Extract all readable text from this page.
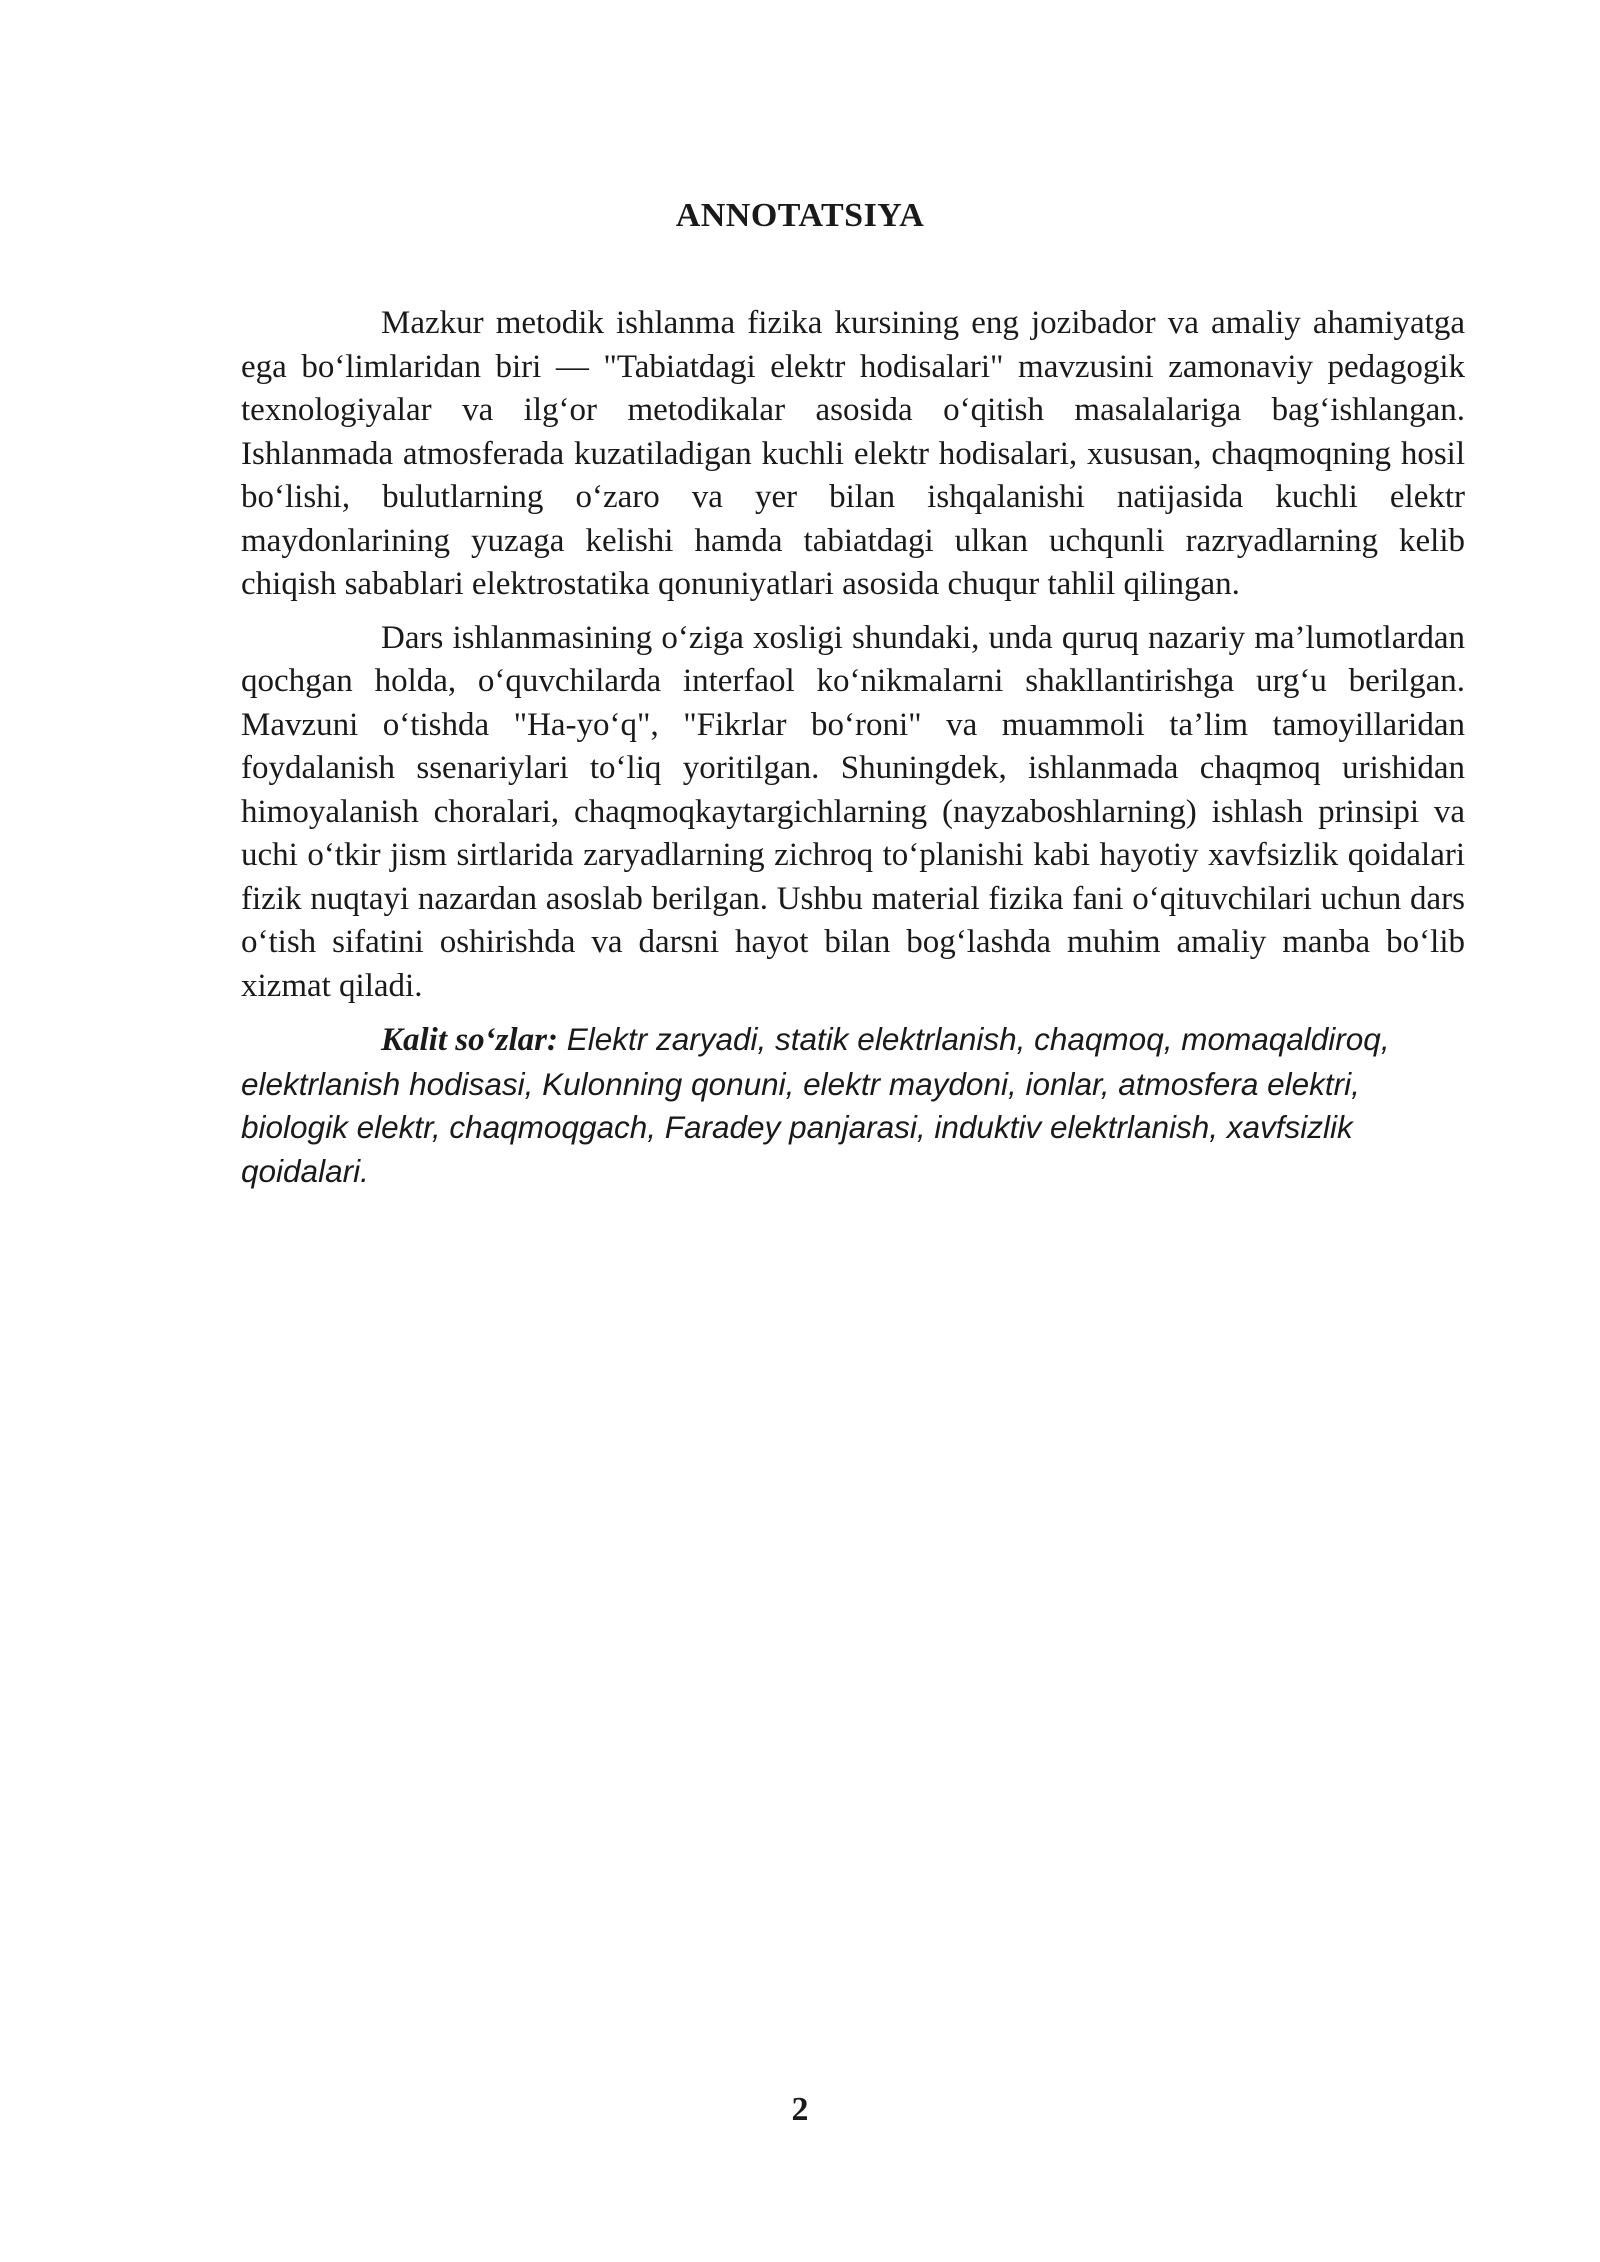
ANNOTATSIYA

Mazkur metodik ishlanma fizika kursining eng jozibador va amaliy ahamiyatga ega bo‘limlaridan biri — "Tabiatdagi elektr hodisalari" mavzusini zamonaviy pedagogik texnologiyalar va ilg‘or metodikalar asosida o‘qitish masalalariga bag‘ishlangan. Ishlanmada atmosferada kuzatiladigan kuchli elektr hodisalari, xususan, chaqmoqning hosil bo‘lishi, bulutlarning o‘zaro va yer bilan ishqalanishi natijasida kuchli elektr maydonlarining yuzaga kelishi hamda tabiatdagi ulkan uchqunli razryadlarning kelib chiqish sabablari elektrostatika qonuniyatlari asosida chuqur tahlil qilingan.

Dars ishlanmasining o‘ziga xosligi shundaki, unda quruq nazariy ma’lumotlardan qochgan holda, o‘quvchilarda interfaol ko‘nikmalarni shakllantirishga urg‘u berilgan. Mavzuni o‘tishda "Ha-yo‘q", "Fikrlar bo‘roni" va muammoli ta’lim tamoyillaridan foydalanish ssenariylari to‘liq yoritilgan. Shuningdek, ishlanmada chaqmoq urishidan himoyalanish choralari, chaqmoqkaytargichlarning (nayzaboshlarning) ishlash prinsipi va uchi o‘tkir jism sirtlarida zaryadlarning zichroq to‘planishi kabi hayotiy xavfsizlik qoidalari fizik nuqtayi nazardan asoslab berilgan. Ushbu material fizika fani o‘qituvchilari uchun dars o‘tish sifatini oshirishda va darsni hayot bilan bog‘lashda muhim amaliy manba bo‘lib xizmat qiladi.

Kalit so‘zlar: Elektr zaryadi, statik elektrlanish, chaqmoq, momaqaldiroq, elektrlanish hodisasi, Kulonning qonuni, elektr maydoni, ionlar, atmosfera elektri, biologik elektr, chaqmoqgach, Faradey panjarasi, induktiv elektrlanish, xavfsizlik qoidalari.

2
